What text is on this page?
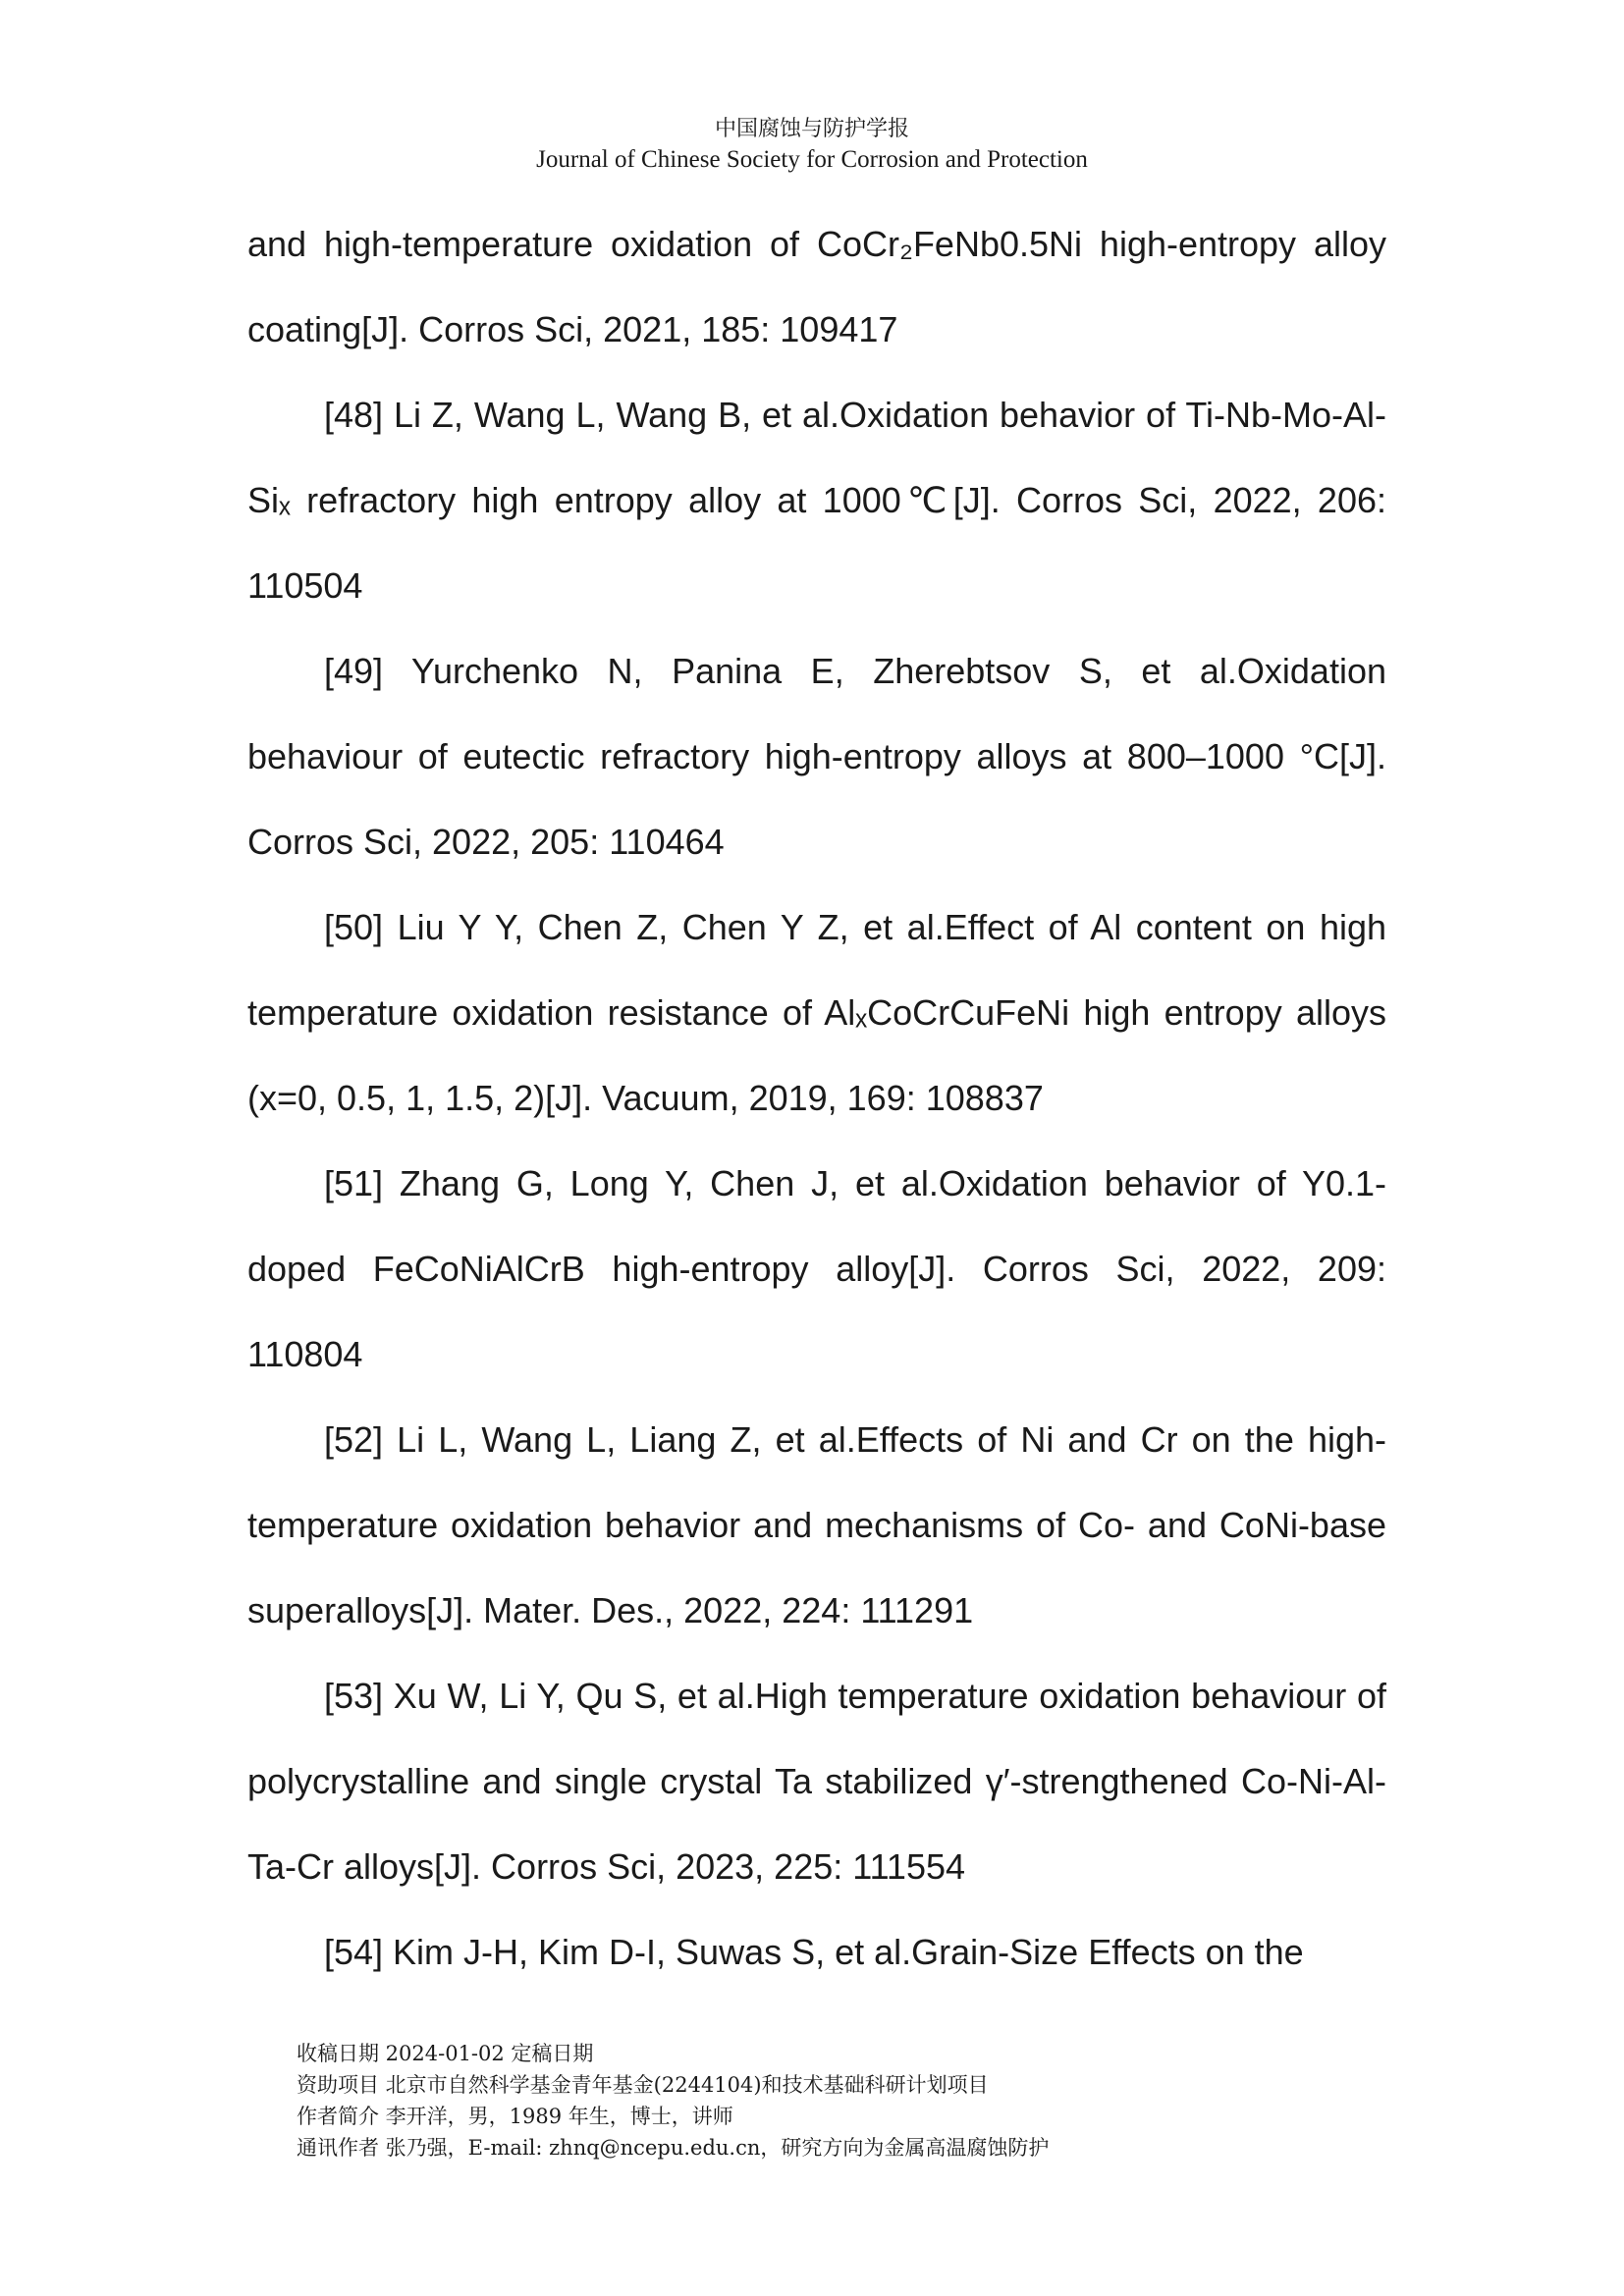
中国腐蚀与防护学报
Journal of Chinese Society for Corrosion and Protection

and high-temperature oxidation of CoCr₂FeNb0.5Ni high-entropy alloy coating[J]. Corros Sci, 2021, 185: 109417

[48] Li Z, Wang L, Wang B, et al.Oxidation behavior of Ti-Nb-Mo-Al-Siₓ refractory high entropy alloy at 1000℃[J]. Corros Sci, 2022, 206: 110504

[49] Yurchenko N, Panina E, Zherebtsov S, et al.Oxidation behaviour of eutectic refractory high-entropy alloys at 800–1000 °C[J]. Corros Sci, 2022, 205: 110464

[50] Liu Y Y, Chen Z, Chen Y Z, et al.Effect of Al content on high temperature oxidation resistance of AlₓCoCrCuFeNi high entropy alloys (x=0, 0.5, 1, 1.5, 2)[J]. Vacuum, 2019, 169: 108837

[51] Zhang G, Long Y, Chen J, et al.Oxidation behavior of Y0.1-doped FeCoNiAlCrB high-entropy alloy[J]. Corros Sci, 2022, 209: 110804

[52] Li L, Wang L, Liang Z, et al.Effects of Ni and Cr on the high-temperature oxidation behavior and mechanisms of Co- and CoNi-base superalloys[J]. Mater. Des., 2022, 224: 111291

[53] Xu W, Li Y, Qu S, et al.High temperature oxidation behaviour of polycrystalline and single crystal Ta stabilized γ′-strengthened Co-Ni-Al-Ta-Cr alloys[J]. Corros Sci, 2023, 225: 111554

[54] Kim J-H, Kim D-I, Suwas S, et al.Grain-Size Effects on the

收稿日期 2024-01-02 定稿日期
资助项目 北京市自然科学基金青年基金(2244104)和技术基础科研计划项目
作者简介 李开洋，男，1989 年生，博士，讲师
通讯作者 张乃强，E-mail: zhnq@ncepu.edu.cn，研究方向为金属高温腐蚀防护
